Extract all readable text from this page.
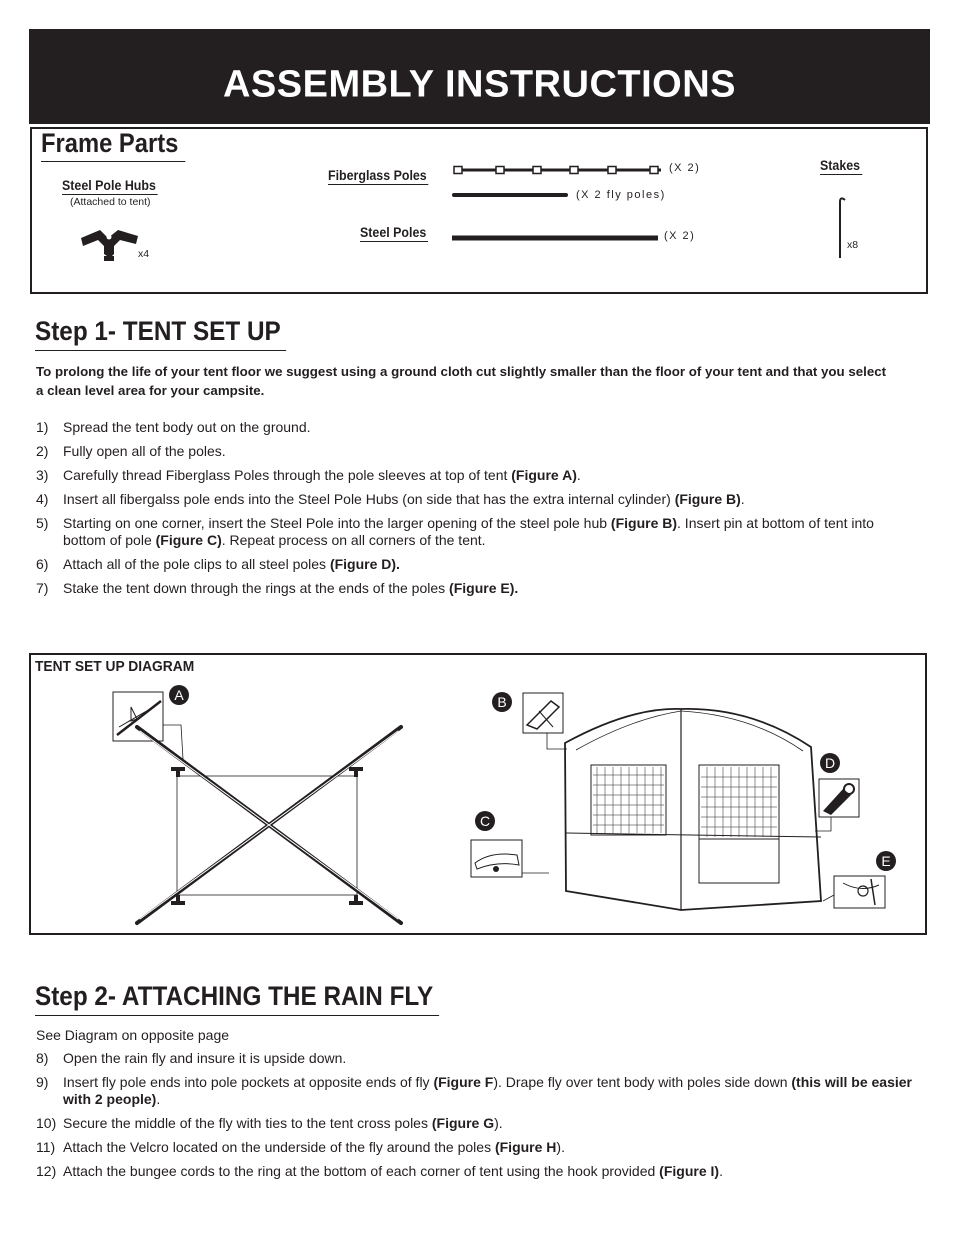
ASSEMBLY INSTRUCTIONS
Frame Parts
Steel Pole Hubs
(Attached to tent)
x4
Fiberglass Poles	(X 2)
(X 2 fly poles)
Steel Poles	(X 2)
Stakes
x8
Step 1- TENT SET UP
To prolong the life of your tent floor we suggest using a ground cloth cut slightly smaller than the floor of your tent and that you select a clean level area for your campsite.
1) Spread the tent body out on the ground.
2) Fully open all of the poles.
3) Carefully thread Fiberglass Poles through the pole sleeves at top of tent (Figure A).
4) Insert all fibergalss pole ends into the Steel Pole Hubs (on side that has the extra internal cylinder) (Figure B).
5) Starting on one corner, insert the Steel Pole into the larger opening of the steel pole hub (Figure B). Insert pin at bottom of tent into bottom of pole (Figure C). Repeat process on all corners of the tent.
6) Attach all of the pole clips to all steel poles (Figure D).
7) Stake the tent down through the rings at the ends of the poles (Figure E).
TENT SET UP DIAGRAM
A	B
C
D
E
Step 2- ATTACHING THE RAIN FLY
See Diagram on opposite page
8) Open the rain fly and insure it is upside down.
9) Insert fly pole ends into pole pockets at opposite ends of fly (Figure F). Drape fly over tent body with poles side down (this will be easier with 2 people).
10) Secure the middle of the fly with ties to the tent cross poles (Figure G).
11) Attach the Velcro located on the underside of the fly around the poles (Figure H).
12) Attach the bungee cords to the ring at the bottom of each corner of tent using the hook provided (Figure I).
